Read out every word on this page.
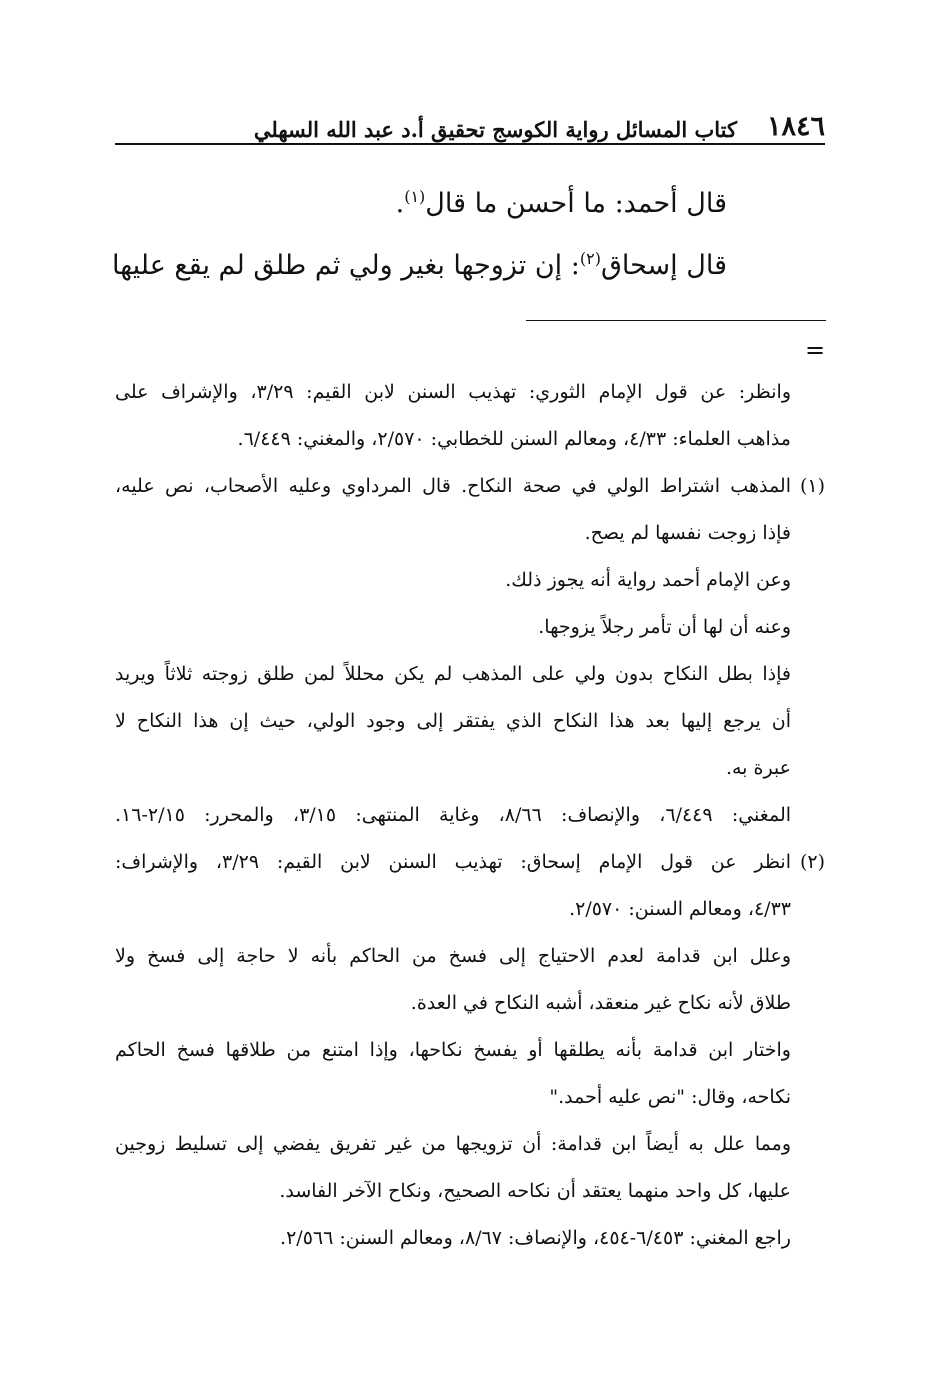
١٨٤٦
كتاب المسائل رواية الكوسج تحقيق أ.د عبد الله السهلي

قال أحمد: ما أحسن ما قال$^{(١)}$.

قال إسحاق$^{(٢)}$: إن تزوجها بغير ولي ثم طلق لم يقع عليها

=
وانظر: عن قول الإمام الثوري: تهذيب السنن لابن القيم: ٣/٢٩، والإشراف على
مذاهب العلماء: ٤/٣٣، ومعالم السنن للخطابي: ٢/٥٧٠، والمغني: ٦/٤٤٩.
(١)المذهب اشتراط الولي في صحة النكاح. قال المرداوي وعليه الأصحاب، نص عليه،
فإذا زوجت نفسها لم يصح.
وعن الإمام أحمد رواية أنه يجوز ذلك.
وعنه أن لها أن تأمر رجلاً يزوجها.
فإذا بطل النكاح بدون ولي على المذهب لم يكن محللاً لمن طلق زوجته ثلاثاً ويريد
أن يرجع إليها بعد هذا النكاح الذي يفتقر إلى وجود الولي، حيث إن هذا النكاح لا
عبرة به.
المغني: ٦/٤٤٩، والإنصاف: ٨/٦٦، وغاية المنتهى: ٣/١٥، والمحرر: ٢/١٥-١٦.
(٢)انظر عن قول الإمام إسحاق: تهذيب السنن لابن القيم: ٣/٢٩، والإشراف:
٤/٣٣، ومعالم السنن: ٢/٥٧٠.
وعلل ابن قدامة لعدم الاحتياج إلى فسخ من الحاكم بأنه لا حاجة إلى فسخ ولا
طلاق لأنه نكاح غير منعقد، أشبه النكاح في العدة.
واختار ابن قدامة بأنه يطلقها أو يفسخ نكاحها، وإذا امتنع من طلاقها فسخ الحاكم
نكاحه، وقال: "نص عليه أحمد."
ومما علل به أيضاً ابن قدامة: أن تزويجها من غير تفريق يفضي إلى تسليط زوجين
عليها، كل واحد منهما يعتقد أن نكاحه الصحيح، ونكاح الآخر الفاسد.
راجع المغني: ٦/٤٥٣-٤٥٤، والإنصاف: ٨/٦٧، ومعالم السنن: ٢/٥٦٦.
